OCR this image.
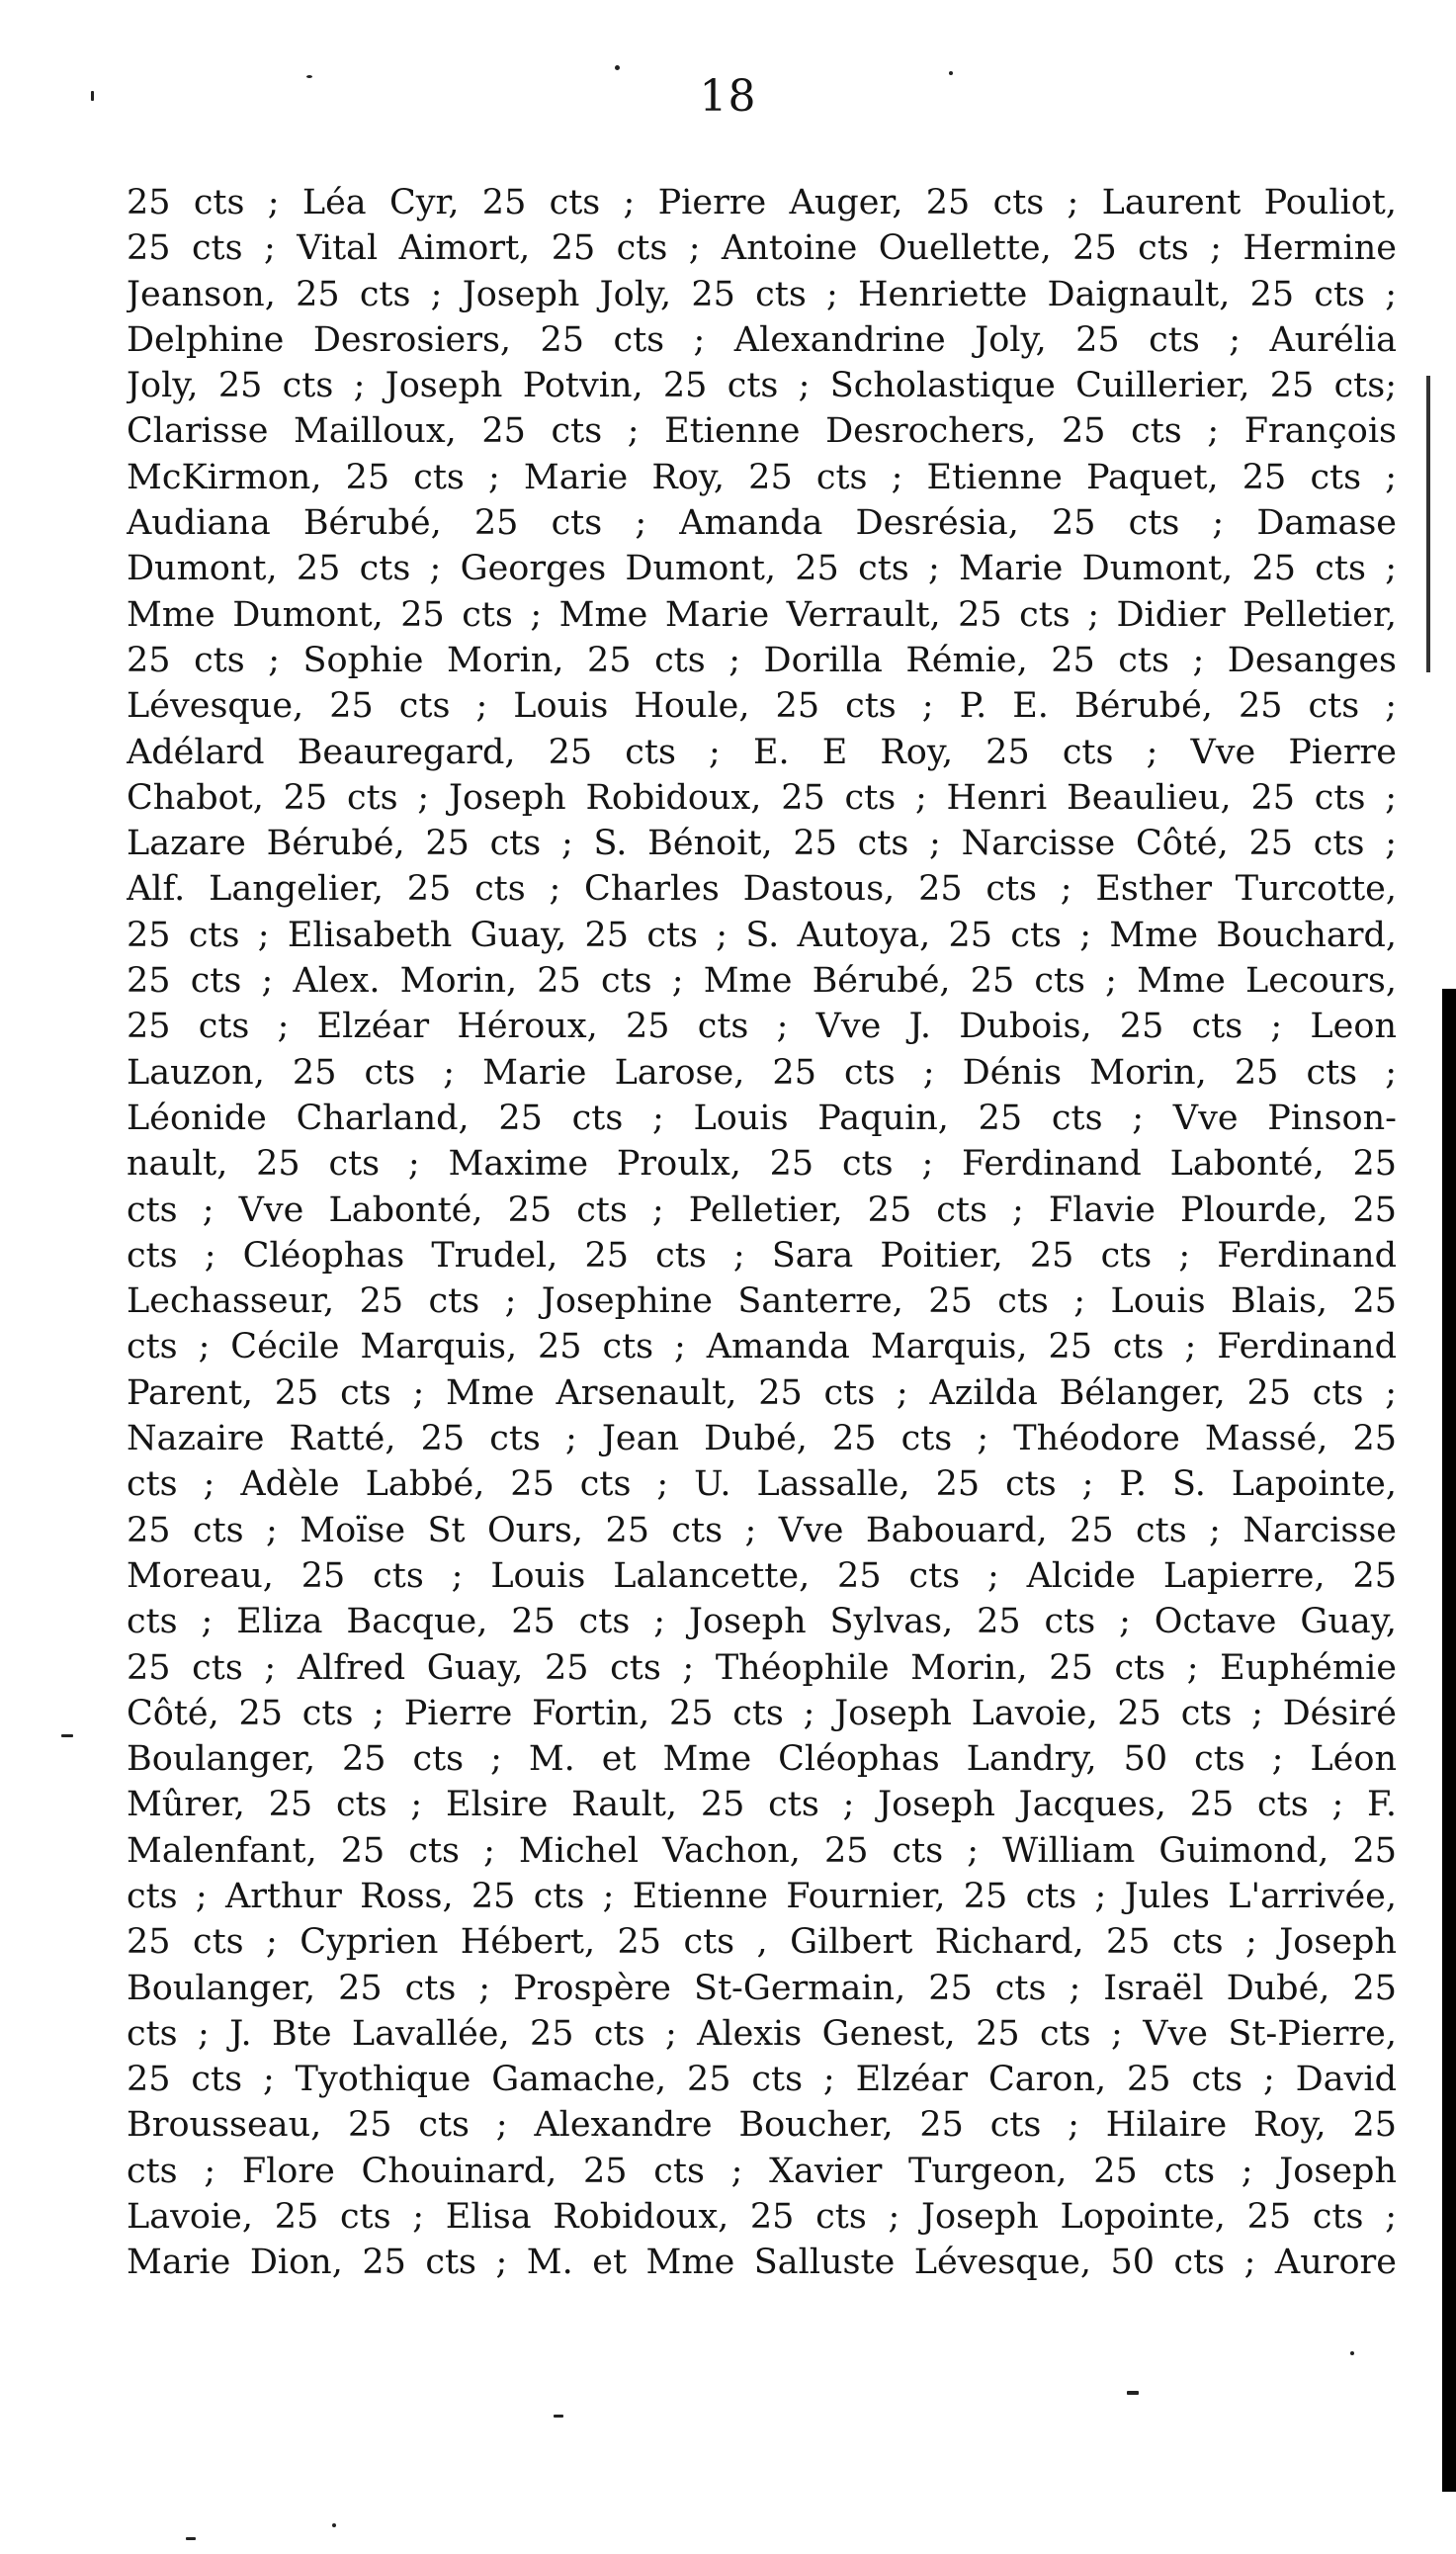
18
25 cts ; Léa Cyr, 25 cts ; Pierre Auger, 25 cts ; Laurent Pouliot,
25 cts ; Vital Aimort, 25 cts ; Antoine Ouellette, 25 cts ; Hermine
Jeanson, 25 cts ; Joseph Joly, 25 cts ; Henriette Daignault, 25 cts ;
Delphine Desrosiers, 25 cts ; Alexandrine Joly, 25 cts ; Aurélia
Joly, 25 cts ; Joseph Potvin, 25 cts ; Scholastique Cuillerier, 25 cts;
Clarisse Mailloux, 25 cts ; Etienne Desrochers, 25 cts ; François
McKirmon, 25 cts ; Marie Roy, 25 cts ; Etienne Paquet, 25 cts ;
Audiana Bérubé, 25 cts ; Amanda Desrésia, 25 cts ; Damase
Dumont, 25 cts ; Georges Dumont, 25 cts ; Marie Dumont, 25 cts ;
Mme Dumont, 25 cts ; Mme Marie Verrault, 25 cts ; Didier Pelletier,
25 cts ; Sophie Morin, 25 cts ; Dorilla Rémie, 25 cts ; Desanges
Lévesque, 25 cts ; Louis Houle, 25 cts ; P. E. Bérubé, 25 cts ;
Adélard Beauregard, 25 cts ; E. E Roy, 25 cts ; Vve Pierre
Chabot, 25 cts ; Joseph Robidoux, 25 cts ; Henri Beaulieu, 25 cts ;
Lazare Bérubé, 25 cts ; S. Bénoit, 25 cts ; Narcisse Côté, 25 cts ;
Alf. Langelier, 25 cts ; Charles Dastous, 25 cts ; Esther Turcotte,
25 cts ; Elisabeth Guay, 25 cts ; S. Autoya, 25 cts ; Mme Bouchard,
25 cts ; Alex. Morin, 25 cts ; Mme Bérubé, 25 cts ; Mme Lecours,
25 cts ; Elzéar Héroux, 25 cts ; Vve J. Dubois, 25 cts ; Leon
Lauzon, 25 cts ; Marie Larose, 25 cts ; Dénis Morin, 25 cts ;
Léonide Charland, 25 cts ; Louis Paquin, 25 cts ; Vve Pinson-
nault, 25 cts ; Maxime Proulx, 25 cts ; Ferdinand Labonté, 25
cts ; Vve Labonté, 25 cts ; Pelletier, 25 cts ; Flavie Plourde, 25
cts ; Cléophas Trudel, 25 cts ; Sara Poitier, 25 cts ; Ferdinand
Lechasseur, 25 cts ; Josephine Santerre, 25 cts ; Louis Blais, 25
cts ; Cécile Marquis, 25 cts ; Amanda Marquis, 25 cts ; Ferdinand
Parent, 25 cts ; Mme Arsenault, 25 cts ; Azilda Bélanger, 25 cts ;
Nazaire Ratté, 25 cts ; Jean Dubé, 25 cts ; Théodore Massé, 25
cts ; Adèle Labbé, 25 cts ; U. Lassalle, 25 cts ; P. S. Lapointe,
25 cts ; Moïse St Ours, 25 cts ; Vve Babouard, 25 cts ; Narcisse
Moreau, 25 cts ; Louis Lalancette, 25 cts ; Alcide Lapierre, 25
cts ; Eliza Bacque, 25 cts ; Joseph Sylvas, 25 cts ; Octave Guay,
25 cts ; Alfred Guay, 25 cts ; Théophile Morin, 25 cts ; Euphémie
Côté, 25 cts ; Pierre Fortin, 25 cts ; Joseph Lavoie, 25 cts ; Désiré
Boulanger, 25 cts ; M. et Mme Cléophas Landry, 50 cts ; Léon
Mûrer, 25 cts ; Elsire Rault, 25 cts ; Joseph Jacques, 25 cts ; F.
Malenfant, 25 cts ; Michel Vachon, 25 cts ; William Guimond, 25
cts ; Arthur Ross, 25 cts ; Etienne Fournier, 25 cts ; Jules L'arrivée,
25 cts ; Cyprien Hébert, 25 cts , Gilbert Richard, 25 cts ; Joseph
Boulanger, 25 cts ; Prospère St-Germain, 25 cts ; Israël Dubé, 25
cts ; J. Bte Lavallée, 25 cts ; Alexis Genest, 25 cts ; Vve St-Pierre,
25 cts ; Tyothique Gamache, 25 cts ; Elzéar Caron, 25 cts ; David
Brousseau, 25 cts ; Alexandre Boucher, 25 cts ; Hilaire Roy, 25
cts ; Flore Chouinard, 25 cts ; Xavier Turgeon, 25 cts ; Joseph
Lavoie, 25 cts ; Elisa Robidoux, 25 cts ; Joseph Lopointe, 25 cts ;
Marie Dion, 25 cts ; M. et Mme Salluste Lévesque, 50 cts ; Aurore
